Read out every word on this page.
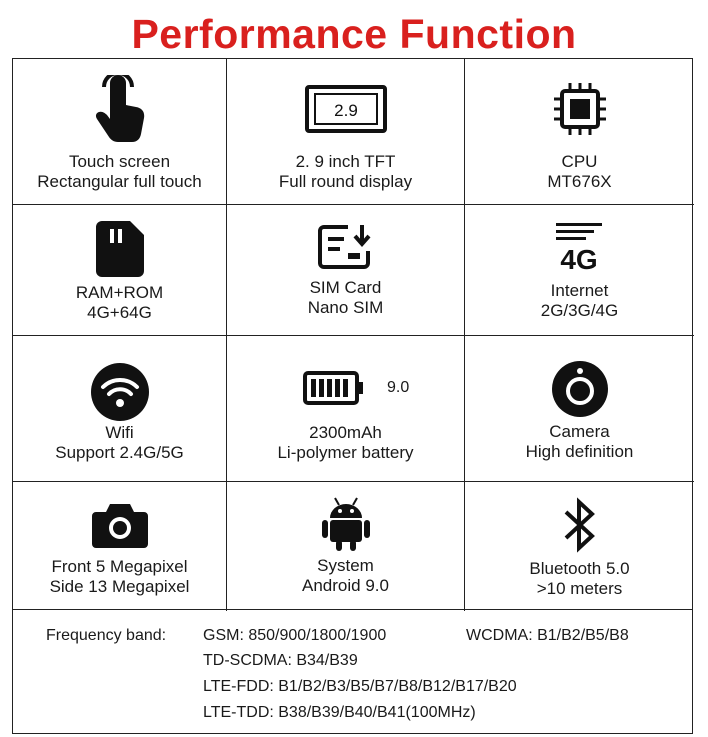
Performance Function
Touch screen
Rectangular full touch
2.9
2. 9 inch TFT
Full round display
CPU
MT676X
RAM+ROM
4G+64G
SIM Card
Nano SIM
4G
Internet
2G/3G/4G
Wifi
Support 2.4G/5G
9.0
2300mAh
Li-polymer battery
Camera
High definition
Front 5 Megapixel
Side 13 Megapixel
System
Android 9.0
Bluetooth 5.0
>10 meters
Frequency band: GSM: 850/900/1800/1900	WCDMA: B1/B2/B5/B8
TD-SCDMA: B34/B39
LTE-FDD: B1/B2/B3/B5/B7/B8/B12/B17/B20
LTE-TDD: B38/B39/B40/B41(100MHz)
